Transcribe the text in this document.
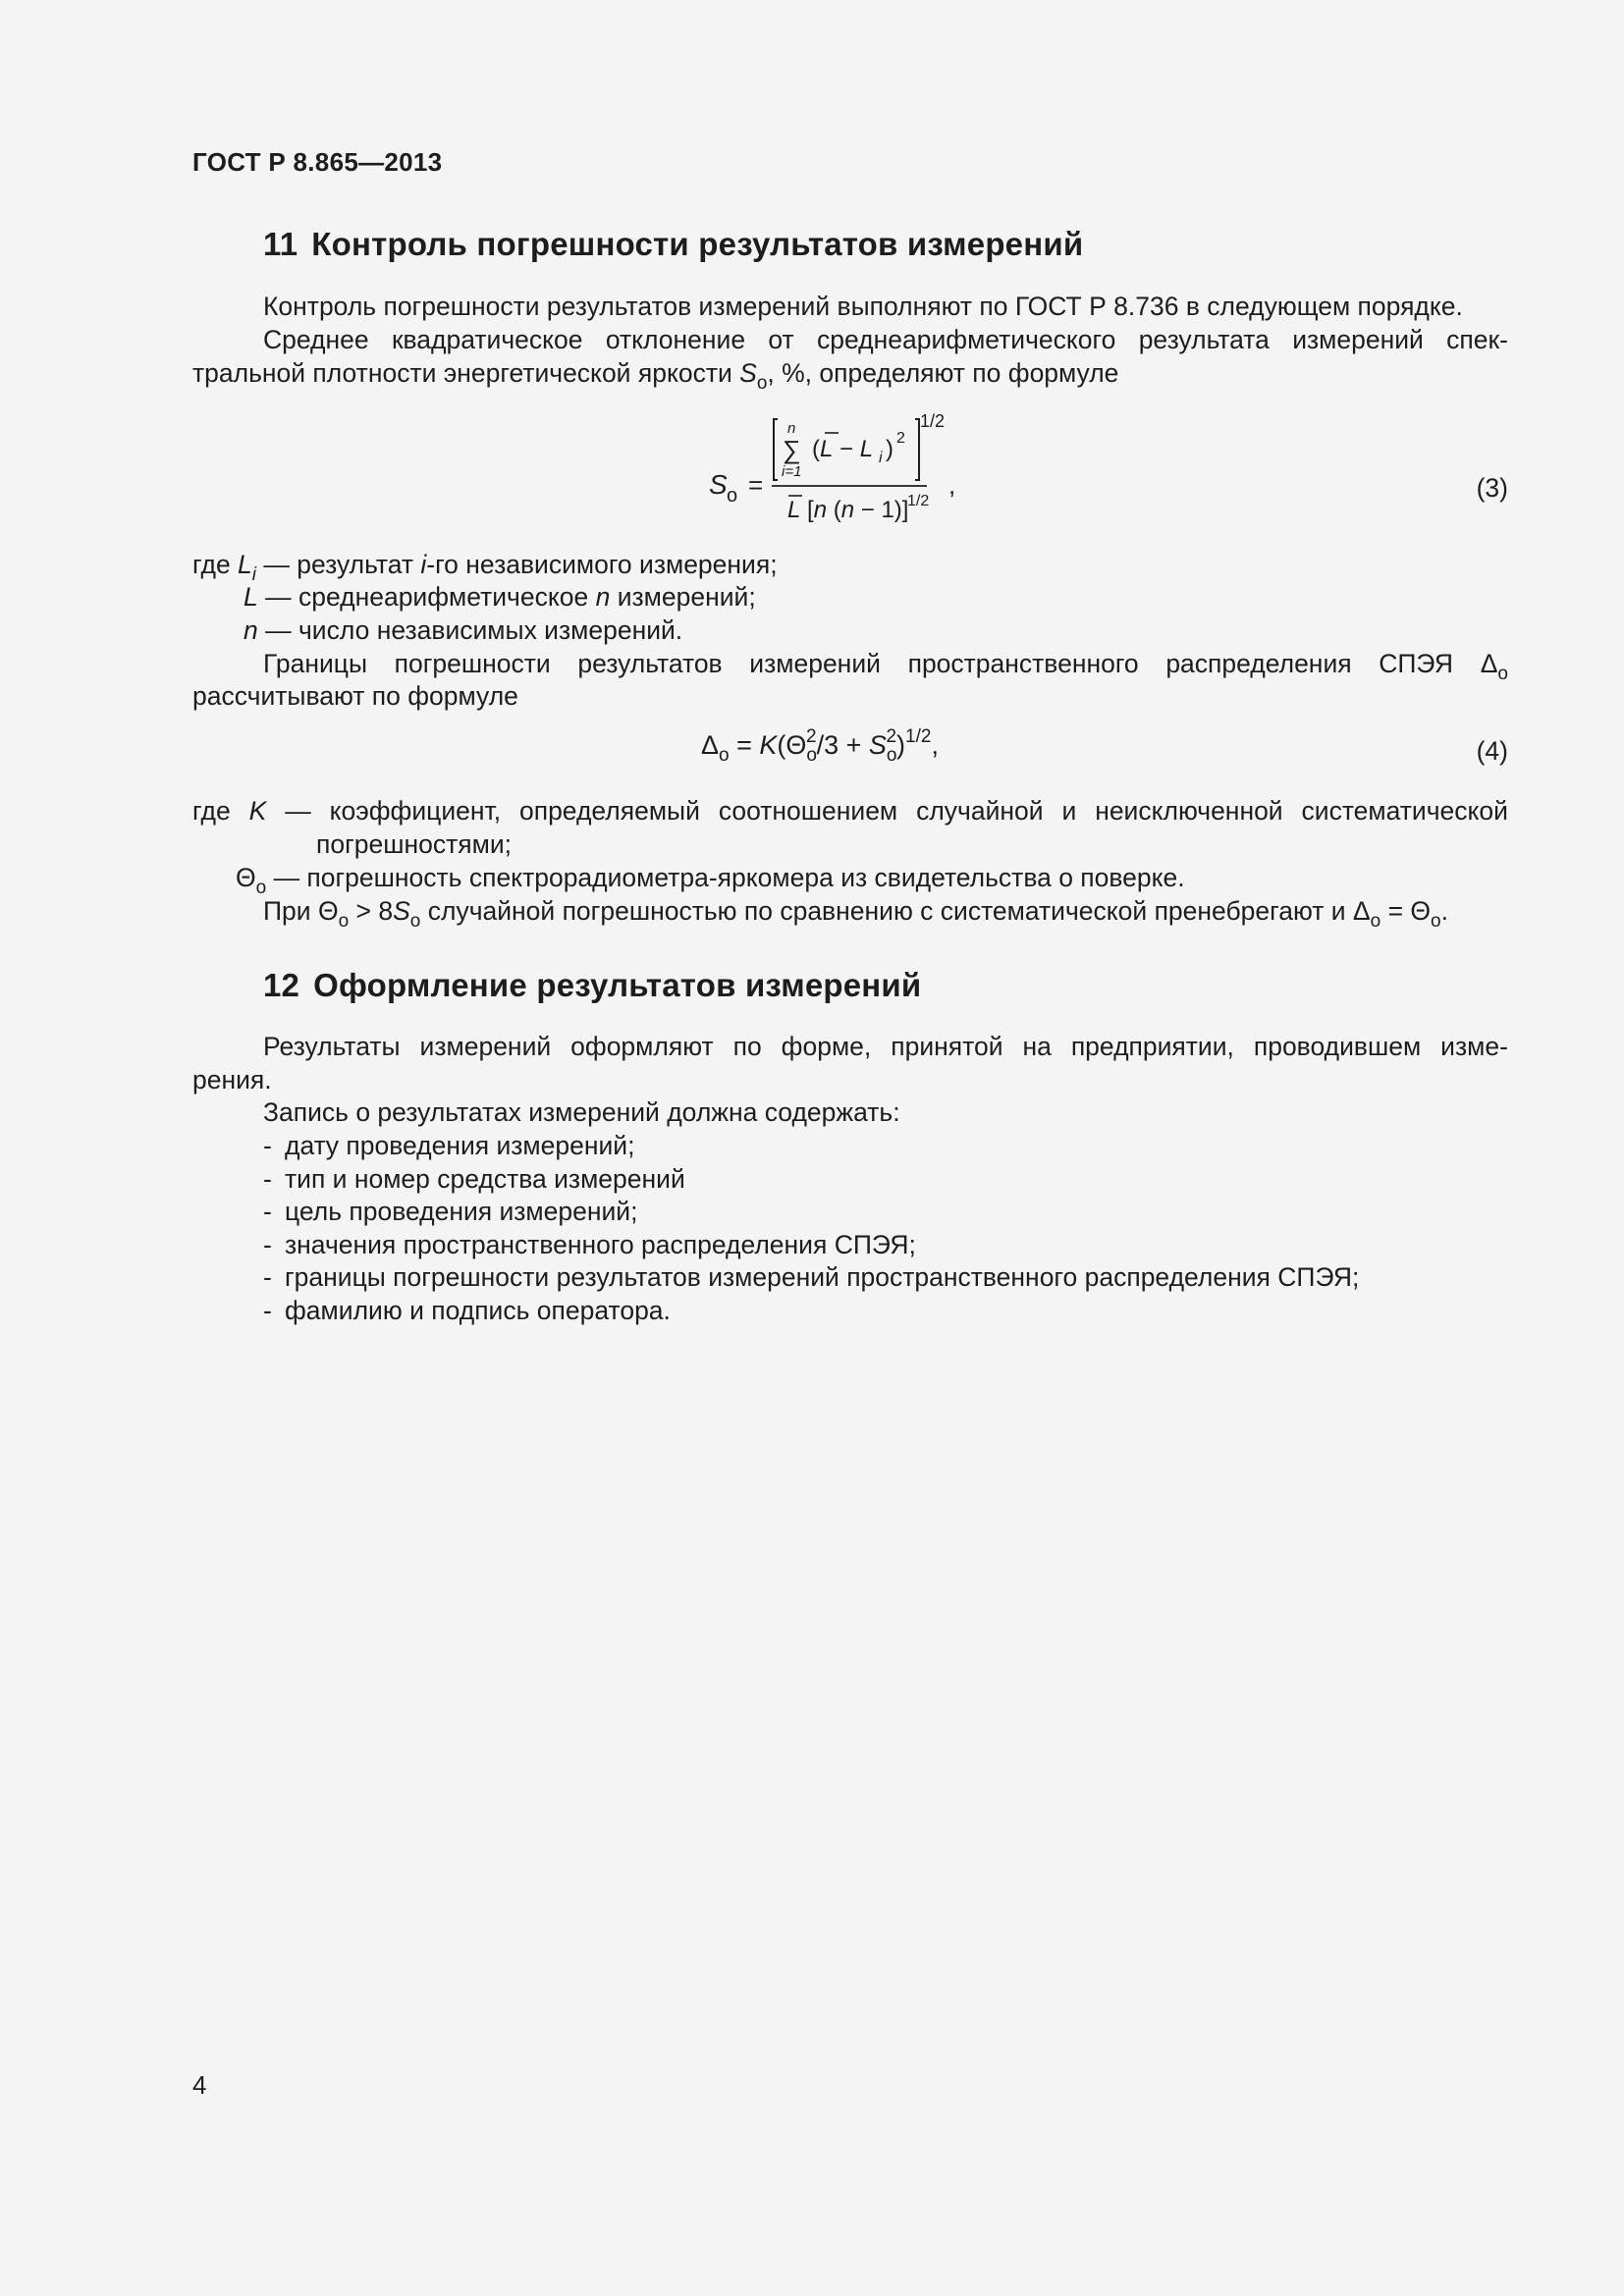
ГОСТ Р 8.865—2013
11 Контроль погрешности результатов измерений
Контроль погрешности результатов измерений выполняют по ГОСТ Р 8.736 в следующем порядке.
Среднее квадратическое отклонение от среднеарифметического результата измерений спек-
тральной плотности энергетической яркости $S_o$, %, определяют по формуле
S o =
1/2
n
∑
i=1
(L − L i ) 2
L [n (n − 1)]
1/2
,	(3)
где $L_i$ — результат i-го независимого измерения;
L — среднеарифметическое n измерений;
n — число независимых измерений.
Границы погрешности результатов измерений пространственного распределения СПЭЯ $\Delta_o$
рассчитывают по формуле
$\Delta_o = K(\Theta_o^2/3 + S_o^2)^{1/2}$,	(4)
где K — коэффициент, определяемый соотношением случайной и неисключенной систематической
погрешностями;
$\Theta_o$ — погрешность спектрорадиометра-яркомера из свидетельства о поверке.
При $\Theta_o > 8S_o$ случайной погрешностью по сравнению с систематической пренебрегают и $\Delta_o = \Theta_o$.
12 Оформление результатов измерений
Результаты измерений оформляют по форме, принятой на предприятии, проводившем изме-
рения.
Запись о результатах измерений должна содержать:
- датy проведения измерений;
- тип и номер средства измерений
- цель проведения измерений;
- значения пространственного распределения СПЭЯ;
- границы погрешности результатов измерений пространственного распределения СПЭЯ;
- фамилию и подпись оператора.
4
